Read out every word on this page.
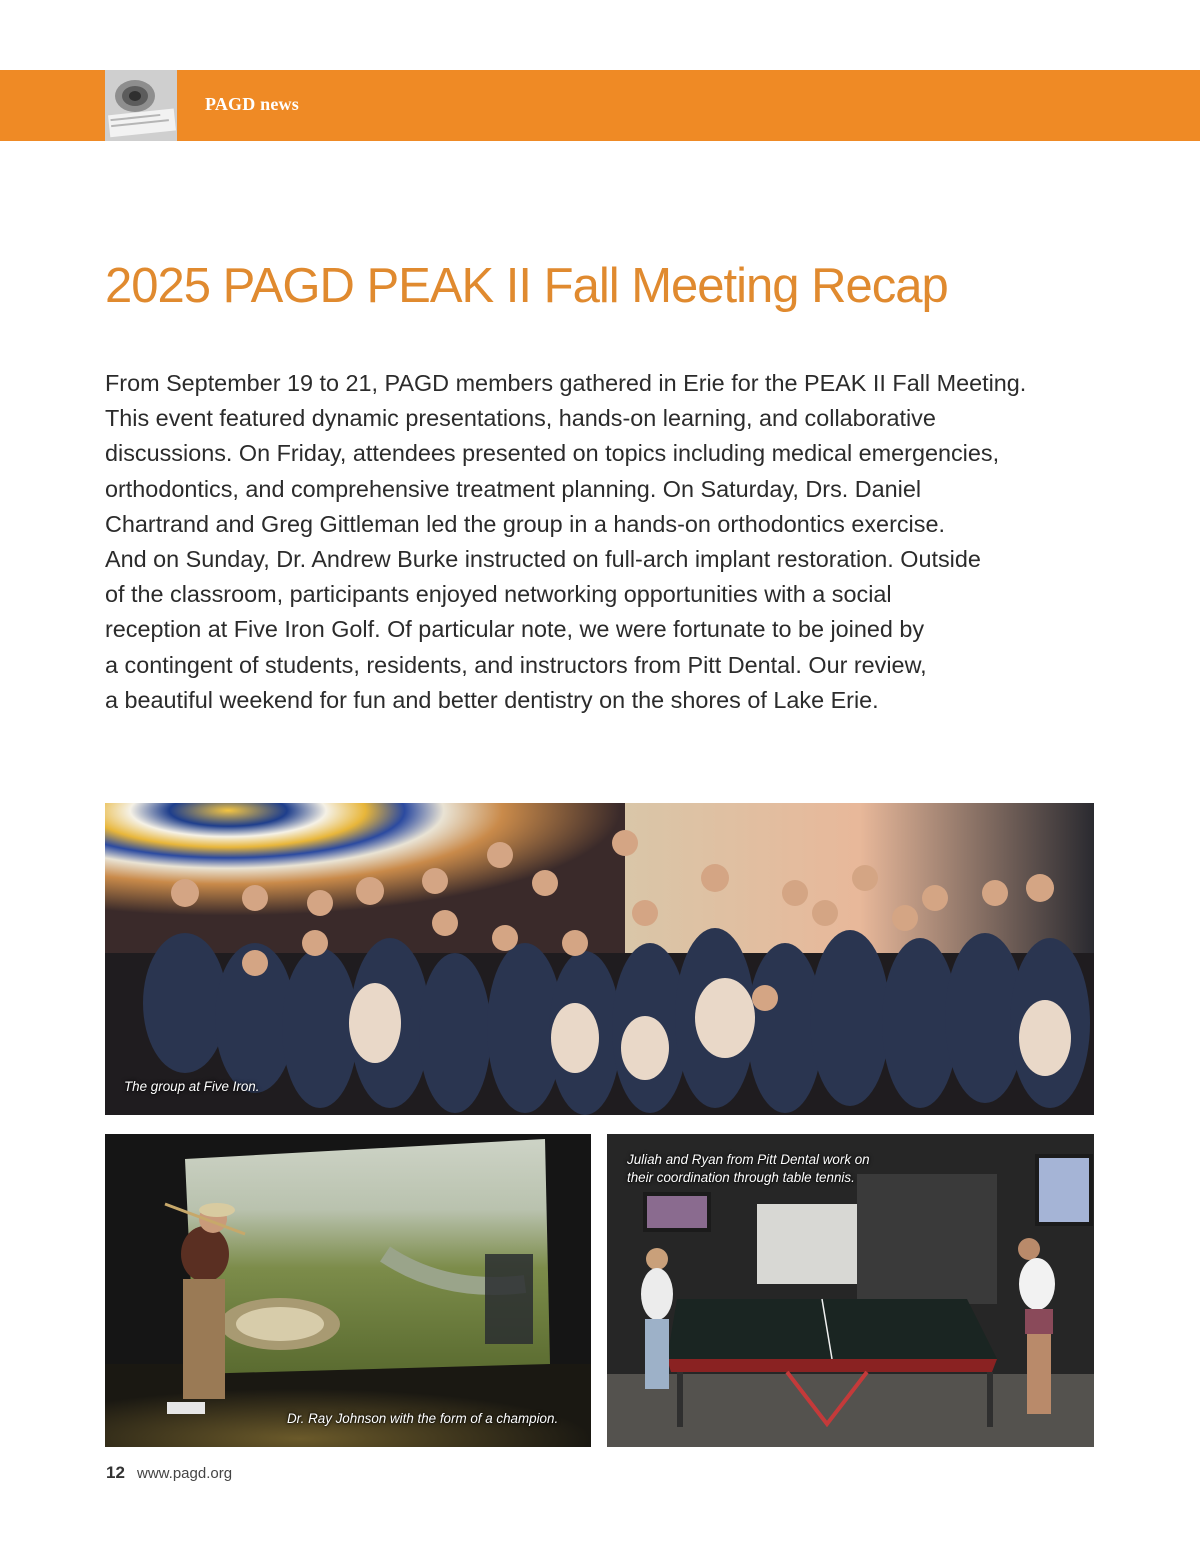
PAGD news
2025 PAGD PEAK II Fall Meeting Recap

From September 19 to 21, PAGD members gathered in Erie for the PEAK II Fall Meeting.
This event featured dynamic presentations, hands-on learning, and collaborative
discussions. On Friday, attendees presented on topics including medical emergencies,
orthodontics, and comprehensive treatment planning. On Saturday, Drs. Daniel
Chartrand and Greg Gittleman led the group in a hands-on orthodontics exercise.
And on Sunday, Dr. Andrew Burke instructed on full-arch implant restoration. Outside
of the classroom, participants enjoyed networking opportunities with a social
reception at Five Iron Golf. Of particular note, we were fortunate to be joined by
a contingent of students, residents, and instructors from Pitt Dental. Our review,
a beautiful weekend for fun and better dentistry on the shores of Lake Erie.

The group at Five Iron.
Dr. Ray Johnson with the form of a champion.
Juliah and Ryan from Pitt Dental work on
their coordination through table tennis.
12 www.pagd.org
